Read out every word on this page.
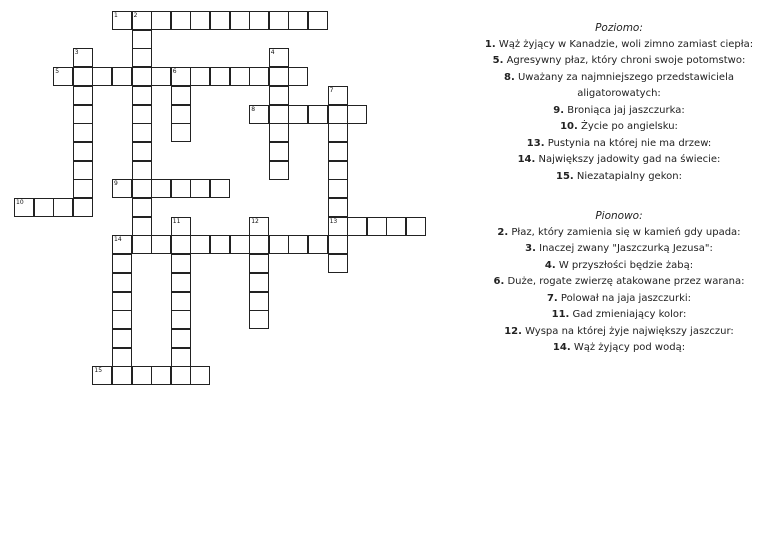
1	2
3	4
5	6
7
13
8
9
10
11	12
14
15

Poziomo:

1. Wąż żyjący w Kanadzie, woli zimno zamiast ciepła:

5. Agresywny płaz, który chroni swoje potomstwo:

8. Uważany za najmniejszego przedstawiciela

aligatorowatych:

9. Broniąca jaj jaszczurka:

10. Życie po angielsku:

13. Pustynia na której nie ma drzew:

14. Największy jadowity gad na świecie:

15. Niezatapialny gekon:

Pionowo:

2. Płaz, który zamienia się w kamień gdy upada:

3. Inaczej zwany "Jaszczurką Jezusa":

4. W przyszłości będzie żabą:

6. Duże, rogate zwierzę atakowane przez warana:

7. Polował na jaja jaszczurki:

11. Gad zmieniający kolor:

12. Wyspa na której żyje największy jaszczur:

14. Wąż żyjący pod wodą:
